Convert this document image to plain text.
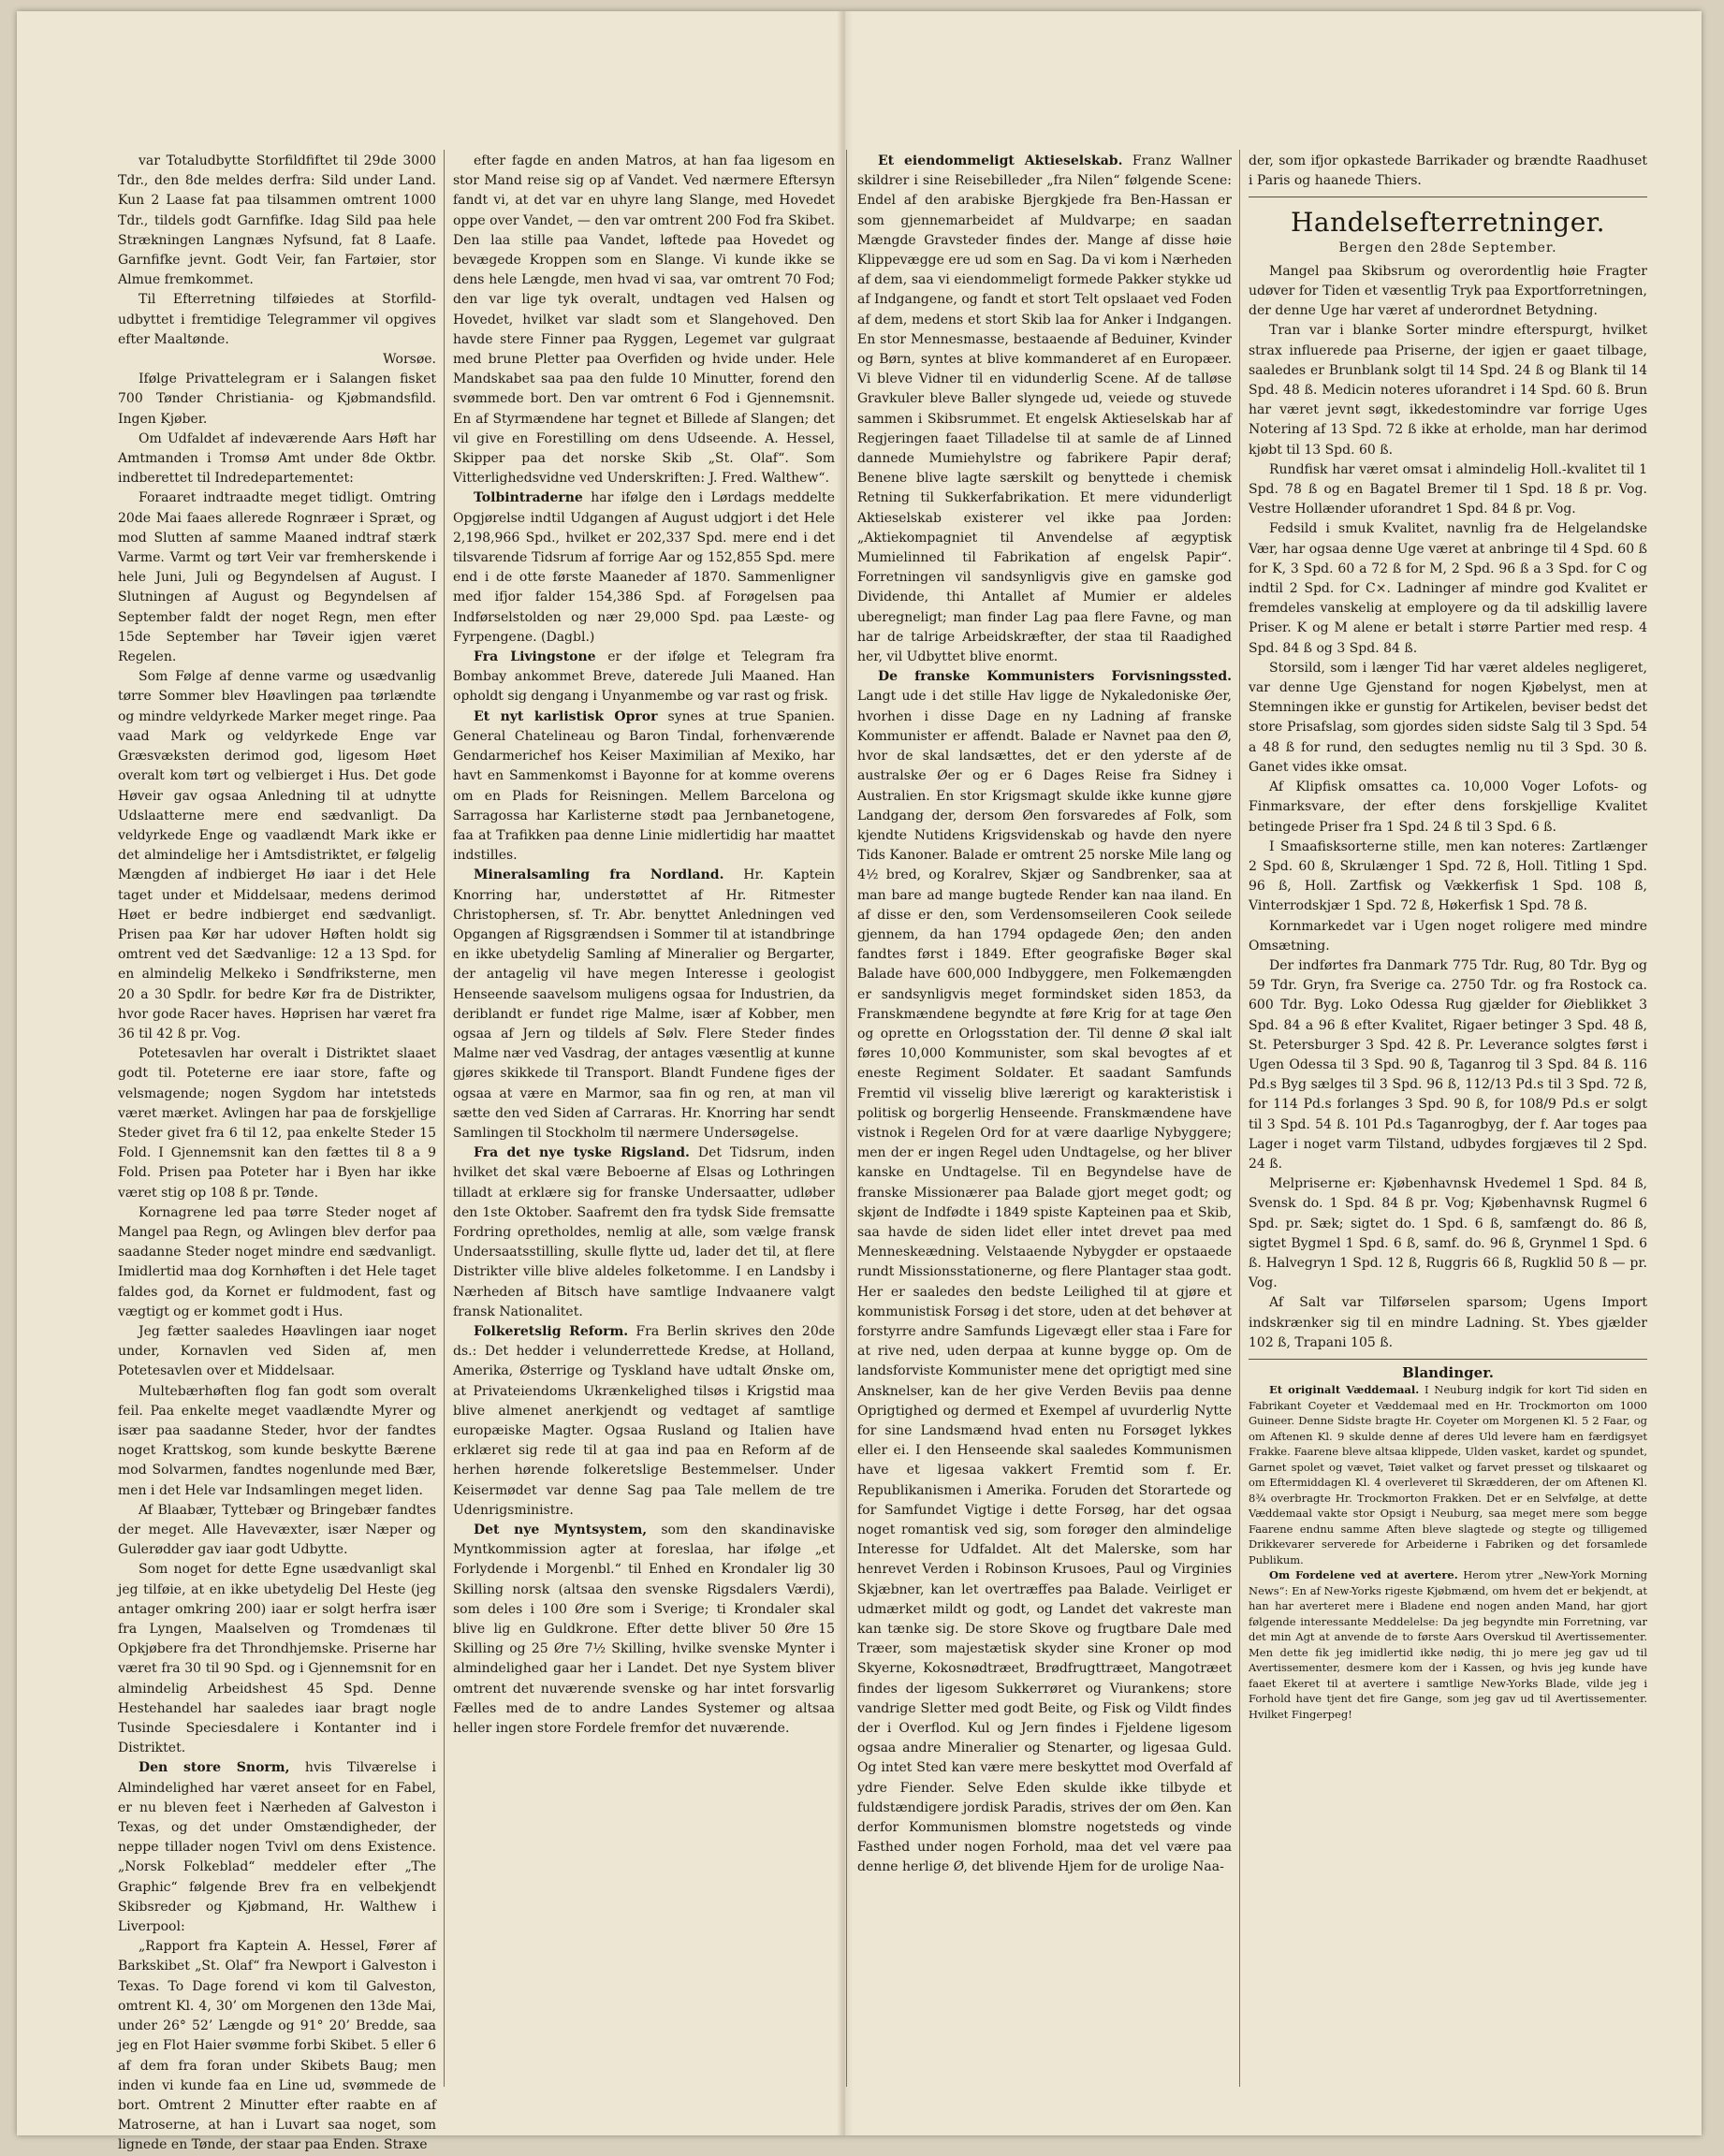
var Totaludbytte Storfildfiftet til 29de 3000 Tdr., den 8de meldes derfra: Sild under Land. Kun 2 Laase fat paa tilsammen omtrent 1000 Tdr., tildels godt Garnfifke. Idag Sild paa hele Strækningen Langnæs Nyfsund, fat 8 Laafe. Garnfifke jevnt. Godt Veir, fan Fartøier, stor Almue fremkommet.

Til Efterretning tilføiedes at Storfild-udbyttet i fremtidige Telegrammer vil opgives efter Maaltønde.

Worsøe.

Ifølge Privattelegram er i Salangen fisket 700 Tønder Christiania- og Kjøbmandsfild. Ingen Kjøber.

Om Udfaldet af indeværende Aars Høft har Amtmanden i Tromsø Amt under 8de Oktbr. indberettet til Indredepartementet:

Foraaret indtraadte meget tidligt. Omtring 20de Mai faaes allerede Rognræer i Spræt, og mod Slutten af samme Maaned indtraf stærk Varme. Varmt og tørt Veir var fremherskende i hele Juni, Juli og Begyndelsen af August. I Slutningen af August og Begyndelsen af September faldt der noget Regn, men efter 15de September har Tøveir igjen været Regelen.

Som Følge af denne varme og usædvanlig tørre Sommer blev Høavlingen paa tørlændte og mindre veldyrkede Marker meget ringe. Paa vaad Mark og veldyrkede Enge var Græsvæksten derimod god, ligesom Høet overalt kom tørt og velbierget i Hus. Det gode Høveir gav ogsaa Anledning til at udnytte Udslaatterne mere end sædvanligt. Da veldyrkede Enge og vaadlændt Mark ikke er det almindelige her i Amtsdistriktet, er følgelig Mængden af indbierget Hø iaar i det Hele taget under et Middelsaar, medens derimod Høet er bedre indbierget end sædvanligt. Prisen paa Kør har udover Høften holdt sig omtrent ved det Sædvanlige: 12 a 13 Spd. for en almindelig Melkeko i Søndfriksterne, men 20 a 30 Spdlr. for bedre Kør fra de Distrikter, hvor gode Racer haves. Høprisen har været fra 36 til 42 ß pr. Vog.

Potetesavlen har overalt i Distriktet slaaet godt til. Poteterne ere iaar store, fafte og velsmagende; nogen Sygdom har intetsteds været mærket. Avlingen har paa de forskjellige Steder givet fra 6 til 12, paa enkelte Steder 15 Fold. I Gjennemsnit kan den fættes til 8 a 9 Fold. Prisen paa Poteter har i Byen har ikke været stig op 108 ß pr. Tønde.

Kornagrene led paa tørre Steder noget af Mangel paa Regn, og Avlingen blev derfor paa saadanne Steder noget mindre end sædvanligt. Imidlertid maa dog Kornhøften i det Hele taget faldes god, da Kornet er fuldmodent, fast og vægtigt og er kommet godt i Hus.

Jeg fætter saaledes Høavlingen iaar noget under, Kornavlen ved Siden af, men Potetesavlen over et Middelsaar.

Multebærhøften flog fan godt som overalt feil. Paa enkelte meget vaadlændte Myrer og især paa saadanne Steder, hvor der fandtes noget Krattskog, som kunde beskytte Bærene mod Solvarmen, fandtes nogenlunde med Bær, men i det Hele var Indsamlingen meget liden.

Af Blaabær, Tyttebær og Bringebær fandtes der meget. Alle Havevæxter, især Næper og Gulerødder gav iaar godt Udbytte.

Som noget for dette Egne usædvanligt skal jeg tilføie, at en ikke ubetydelig Del Heste (jeg antager omkring 200) iaar er solgt herfra især fra Lyngen, Maalselven og Tromdenæs til Opkjøbere fra det Throndhjemske. Priserne har været fra 30 til 90 Spd. og i Gjennemsnit for en almindelig Arbeidshest 45 Spd. Denne Hestehandel har saaledes iaar bragt nogle Tusinde Speciesdalere i Kontanter ind i Distriktet.

Den store Snorm, hvis Tilværelse i Almindelighed har været anseet for en Fabel, er nu bleven feet i Nærheden af Galveston i Texas, og det under Omstændigheder, der neppe tillader nogen Tvivl om dens Existence. „Norsk Folkeblad“ meddeler efter „The Graphic“ følgende Brev fra en velbekjendt Skibsreder og Kjøbmand, Hr. Walthew i Liverpool:

„Rapport fra Kaptein A. Hessel, Fører af Barkskibet „St. Olaf“ fra Newport i Galveston i Texas. To Dage forend vi kom til Galveston, omtrent Kl. 4, 30’ om Morgenen den 13de Mai, under 26° 52’ Længde og 91° 20’ Bredde, saa jeg en Flot Haier svømme forbi Skibet. 5 eller 6 af dem fra foran under Skibets Baug; men inden vi kunde faa en Line ud, svømmede de bort. Omtrent 2 Minutter efter raabte en af Matroserne, at han i Luvart saa noget, som lignede en Tønde, der staar paa Enden. Straxe

efter fagde en anden Matros, at han faa ligesom en stor Mand reise sig op af Vandet. Ved nærmere Eftersyn fandt vi, at det var en uhyre lang Slange, med Hovedet oppe over Vandet, — den var omtrent 200 Fod fra Skibet. Den laa stille paa Vandet, løftede paa Hovedet og bevægede Kroppen som en Slange. Vi kunde ikke se dens hele Længde, men hvad vi saa, var omtrent 70 Fod; den var lige tyk overalt, undtagen ved Halsen og Hovedet, hvilket var sladt som et Slangehoved. Den havde stere Finner paa Ryggen, Legemet var gulgraat med brune Pletter paa Overfiden og hvide under. Hele Mandskabet saa paa den fulde 10 Minutter, forend den svømmede bort. Den var omtrent 6 Fod i Gjennemsnit. En af Styrmændene har tegnet et Billede af Slangen; det vil give en Forestilling om dens Udseende. A. Hessel, Skipper paa det norske Skib „St. Olaf“. Som Vitterlighedsvidne ved Underskriften: J. Fred. Walthew“.

Tolbintraderne har ifølge den i Lørdags meddelte Opgjørelse indtil Udgangen af August udgjort i det Hele 2,198,966 Spd., hvilket er 202,337 Spd. mere end i det tilsvarende Tidsrum af forrige Aar og 152,855 Spd. mere end i de otte første Maaneder af 1870. Sammenligner med ifjor falder 154,386 Spd. af Forøgelsen paa Indførselstolden og nær 29,000 Spd. paa Læste- og Fyrpengene. (Dagbl.)

Fra Livingstone er der ifølge et Telegram fra Bombay ankommet Breve, daterede Juli Maaned. Han opholdt sig dengang i Unyanmembe og var rast og frisk.

Et nyt karlistisk Opror synes at true Spanien. General Chatelineau og Baron Tindal, forhenværende Gendarmerichef hos Keiser Maximilian af Mexiko, har havt en Sammenkomst i Bayonne for at komme overens om en Plads for Reisningen. Mellem Barcelona og Sarragossa har Karlisterne stødt paa Jernbanetogene, faa at Trafikken paa denne Linie midlertidig har maattet indstilles.

Mineralsamling fra Nordland. Hr. Kaptein Knorring har, understøttet af Hr. Ritmester Christophersen, sf. Tr. Abr. benyttet Anledningen ved Opgangen af Rigsgrændsen i Sommer til at istandbringe en ikke ubetydelig Samling af Mineralier og Bergarter, der antagelig vil have megen Interesse i geologist Henseende saavelsom muligens ogsaa for Industrien, da deriblandt er fundet rige Malme, især af Kobber, men ogsaa af Jern og tildels af Sølv. Flere Steder findes Malme nær ved Vasdrag, der antages væsentlig at kunne gjøres skikkede til Transport. Blandt Fundene figes der ogsaa at være en Marmor, saa fin og ren, at man vil sætte den ved Siden af Carraras. Hr. Knorring har sendt Samlingen til Stockholm til nærmere Undersøgelse.

Fra det nye tyske Rigsland. Det Tidsrum, inden hvilket det skal være Beboerne af Elsas og Lothringen tilladt at erklære sig for franske Undersaatter, udløber den 1ste Oktober. Saafremt den fra tydsk Side fremsatte Fordring opretholdes, nemlig at alle, som vælge fransk Undersaatsstilling, skulle flytte ud, lader det til, at flere Distrikter ville blive aldeles folketomme. I en Landsby i Nærheden af Bitsch have samtlige Indvaanere valgt fransk Nationalitet.

Folkeretslig Reform. Fra Berlin skrives den 20de ds.: Det hedder i velunderrettede Kredse, at Holland, Amerika, Østerrige og Tyskland have udtalt Ønske om, at Privateiendoms Ukrænkelighed tilsøs i Krigstid maa blive almenet anerkjendt og vedtaget af samtlige europæiske Magter. Ogsaa Rusland og Italien have erklæret sig rede til at gaa ind paa en Reform af de herhen hørende folkeretslige Bestemmelser. Under Keisermødet var denne Sag paa Tale mellem de tre Udenrigsministre.

Det nye Myntsystem, som den skandinaviske Myntkommission agter at foreslaa, har ifølge „et Forlydende i Morgenbl.“ til Enhed en Krondaler lig 30 Skilling norsk (altsaa den svenske Rigsdalers Værdi), som deles i 100 Øre som i Sverige; ti Krondaler skal blive lig en Guldkrone. Efter dette bliver 50 Øre 15 Skilling og 25 Øre 7½ Skilling, hvilke svenske Mynter i almindelighed gaar her i Landet. Det nye System bliver omtrent det nuværende svenske og har intet forsvarlig Fælles med de to andre Landes Systemer og altsaa heller ingen store Fordele fremfor det nuværende.

Et eiendommeligt Aktieselskab. Franz Wallner skildrer i sine Reisebilleder „fra Nilen“ følgende Scene: Endel af den arabiske Bjergkjede fra Ben-Hassan er som gjennemarbeidet af Muldvarpe; en saadan Mængde Gravsteder findes der. Mange af disse høie Klippevægge ere ud som en Sag. Da vi kom i Nærheden af dem, saa vi eiendommeligt formede Pakker stykke ud af Indgangene, og fandt et stort Telt opslaaet ved Foden af dem, medens et stort Skib laa for Anker i Indgangen. En stor Mennesmasse, bestaaende af Beduiner, Kvinder og Børn, syntes at blive kommanderet af en Europæer. Vi bleve Vidner til en vidunderlig Scene. Af de talløse Gravkuler bleve Baller slyngede ud, veiede og stuvede sammen i Skibsrummet. Et engelsk Aktieselskab har af Regjeringen faaet Tilladelse til at samle de af Linned dannede Mumiehylstre og fabrikere Papir deraf; Benene blive lagte særskilt og benyttede i chemisk Retning til Sukkerfabrikation. Et mere vidunderligt Aktieselskab existerer vel ikke paa Jorden: „Aktiekompagniet til Anvendelse af ægyptisk Mumielinned til Fabrikation af engelsk Papir“. Forretningen vil sandsynligvis give en gamske god Dividende, thi Antallet af Mumier er aldeles uberegneligt; man finder Lag paa flere Favne, og man har de talrige Arbeidskræfter, der staa til Raadighed her, vil Udbyttet blive enormt.

De franske Kommunisters Forvisningssted. Langt ude i det stille Hav ligge de Nykaledoniske Øer, hvorhen i disse Dage en ny Ladning af franske Kommunister er affendt. Balade er Navnet paa den Ø, hvor de skal landsættes, det er den yderste af de australske Øer og er 6 Dages Reise fra Sidney i Australien. En stor Krigsmagt skulde ikke kunne gjøre Landgang der, dersom Øen forsvaredes af Folk, som kjendte Nutidens Krigsvidenskab og havde den nyere Tids Kanoner. Balade er omtrent 25 norske Mile lang og 4½ bred, og Koralrev, Skjær og Sandbrenker, saa at man bare ad mange bugtede Render kan naa iland. En af disse er den, som Verdensomseileren Cook seilede gjennem, da han 1794 opdagede Øen; den anden fandtes først i 1849. Efter geografiske Bøger skal Balade have 600,000 Indbyggere, men Folkemængden er sandsynligvis meget formindsket siden 1853, da Franskmændene begyndte at føre Krig for at tage Øen og oprette en Orlogsstation der. Til denne Ø skal ialt føres 10,000 Kommunister, som skal bevogtes af et eneste Regiment Soldater. Et saadant Samfunds Fremtid vil visselig blive lærerigt og karakteristisk i politisk og borgerlig Henseende. Franskmændene have vistnok i Regelen Ord for at være daarlige Nybyggere; men der er ingen Regel uden Undtagelse, og her bliver kanske en Undtagelse. Til en Begyndelse have de franske Missionærer paa Balade gjort meget godt; og skjønt de Indfødte i 1849 spiste Kapteinen paa et Skib, saa havde de siden lidet eller intet drevet paa med Menneskeædning. Velstaaende Nybygder er opstaaede rundt Missionsstationerne, og flere Plantager staa godt. Her er saaledes den bedste Leilighed til at gjøre et kommunistisk Forsøg i det store, uden at det behøver at forstyrre andre Samfunds Ligevægt eller staa i Fare for at rive ned, uden derpaa at kunne bygge op. Om de landsforviste Kommunister mene det oprigtigt med sine Ansknelser, kan de her give Verden Beviis paa denne Oprigtighed og dermed et Exempel af uvurderlig Nytte for sine Landsmænd hvad enten nu Forsøget lykkes eller ei. I den Henseende skal saaledes Kommunismen have et ligesaa vakkert Fremtid som f. Er. Republikanismen i Amerika. Foruden det Storartede og for Samfundet Vigtige i dette Forsøg, har det ogsaa noget romantisk ved sig, som forøger den almindelige Interesse for Udfaldet. Alt det Malerske, som har henrevet Verden i Robinson Krusoes, Paul og Virginies Skjæbner, kan let overtræffes paa Balade. Veirliget er udmærket mildt og godt, og Landet det vakreste man kan tænke sig. De store Skove og frugtbare Dale med Træer, som majestætisk skyder sine Kroner op mod Skyerne, Kokosnødtræet, Brødfrugttræet, Mangotræet findes der ligesom Sukkerrøret og Viurankens; store vandrige Sletter med godt Beite, og Fisk og Vildt findes der i Overflod. Kul og Jern findes i Fjeldene ligesom ogsaa andre Mineralier og Stenarter, og ligesaa Guld. Og intet Sted kan være mere beskyttet mod Overfald af ydre Fiender. Selve Eden skulde ikke tilbyde et fuldstændigere jordisk Paradis, strives der om Øen. Kan derfor Kommunismen blomstre nogetsteds og vinde Fasthed under nogen Forhold, maa det vel være paa denne herlige Ø, det blivende Hjem for de urolige Naa-

der, som ifjor opkastede Barrikader og brændte Raadhuset i Paris og haanede Thiers.

Handelsefterretninger.
Bergen den 28de September.

Mangel paa Skibsrum og overordentlig høie Fragter udøver for Tiden et væsentlig Tryk paa Exportforretningen, der denne Uge har været af underordnet Betydning.

Tran var i blanke Sorter mindre efterspurgt, hvilket strax influerede paa Priserne, der igjen er gaaet tilbage, saaledes er Brunblank solgt til 14 Spd. 24 ß og Blank til 14 Spd. 48 ß. Medicin noteres uforandret i 14 Spd. 60 ß. Brun har været jevnt søgt, ikkedestomindre var forrige Uges Notering af 13 Spd. 72 ß ikke at erholde, man har derimod kjøbt til 13 Spd. 60 ß.

Rundfisk har været omsat i almindelig Holl.-kvalitet til 1 Spd. 78 ß og en Bagatel Bremer til 1 Spd. 18 ß pr. Vog. Vestre Hollænder uforandret 1 Spd. 84 ß pr. Vog.

Fedsild i smuk Kvalitet, navnlig fra de Helgelandske Vær, har ogsaa denne Uge været at anbringe til 4 Spd. 60 ß for K, 3 Spd. 60 a 72 ß for M, 2 Spd. 96 ß a 3 Spd. for C og indtil 2 Spd. for C×. Ladninger af mindre god Kvalitet er fremdeles vanskelig at employere og da til adskillig lavere Priser. K og M alene er betalt i større Partier med resp. 4 Spd. 84 ß og 3 Spd. 84 ß.

Storsild, som i længer Tid har været aldeles negligeret, var denne Uge Gjenstand for nogen Kjøbelyst, men at Stemningen ikke er gunstig for Artikelen, beviser bedst det store Prisafslag, som gjordes siden sidste Salg til 3 Spd. 54 a 48 ß for rund, den sedugtes nemlig nu til 3 Spd. 30 ß. Ganet vides ikke omsat.

Af Klipfisk omsattes ca. 10,000 Voger Lofots- og Finmarksvare, der efter dens forskjellige Kvalitet betingede Priser fra 1 Spd. 24 ß til 3 Spd. 6 ß.

I Smaafisksorterne stille, men kan noteres: Zartlænger 2 Spd. 60 ß, Skrulænger 1 Spd. 72 ß, Holl. Titling 1 Spd. 96 ß, Holl. Zartfisk og Vækkerfisk 1 Spd. 108 ß, Vinterrodskjær 1 Spd. 72 ß, Høkerfisk 1 Spd. 78 ß.

Kornmarkedet var i Ugen noget roligere med mindre Omsætning.

Der indførtes fra Danmark 775 Tdr. Rug, 80 Tdr. Byg og 59 Tdr. Gryn, fra Sverige ca. 2750 Tdr. og fra Rostock ca. 600 Tdr. Byg. Loko Odessa Rug gjælder for Øieblikket 3 Spd. 84 a 96 ß efter Kvalitet, Rigaer betinger 3 Spd. 48 ß, St. Petersburger 3 Spd. 42 ß. Pr. Leverance solgtes først i Ugen Odessa til 3 Spd. 90 ß, Taganrog til 3 Spd. 84 ß. 116 Pd.s Byg sælges til 3 Spd. 96 ß, 112/13 Pd.s til 3 Spd. 72 ß, for 114 Pd.s forlanges 3 Spd. 90 ß, for 108/9 Pd.s er solgt til 3 Spd. 54 ß. 101 Pd.s Taganrogbyg, der f. Aar toges paa Lager i noget varm Tilstand, udbydes forgjæves til 2 Spd. 24 ß.

Melpriserne er: Kjøbenhavnsk Hvedemel 1 Spd. 84 ß, Svensk do. 1 Spd. 84 ß pr. Vog; Kjøbenhavnsk Rugmel 6 Spd. pr. Sæk; sigtet do. 1 Spd. 6 ß, samfængt do. 86 ß, sigtet Bygmel 1 Spd. 6 ß, samf. do. 96 ß, Grynmel 1 Spd. 6 ß. Halvegryn 1 Spd. 12 ß, Ruggris 66 ß, Rugklid 50 ß — pr. Vog.

Af Salt var Tilførselen sparsom; Ugens Import indskrænker sig til en mindre Ladning. St. Ybes gjælder 102 ß, Trapani 105 ß.

Blandinger.

Et originalt Væddemaal. I Neuburg indgik for kort Tid siden en Fabrikant Coyeter et Væddemaal med en Hr. Trockmorton om 1000 Guineer. Denne Sidste bragte Hr. Coyeter om Morgenen Kl. 5 2 Faar, og om Aftenen Kl. 9 skulde denne af deres Uld levere ham en færdigsyet Frakke. Faarene bleve altsaa klippede, Ulden vasket, kardet og spundet, Garnet spolet og vævet, Tøiet valket og farvet presset og tilskaaret og om Eftermiddagen Kl. 4 overleveret til Skrædderen, der om Aftenen Kl. 8¾ overbragte Hr. Trockmorton Frakken. Det er en Selvfølge, at dette Væddemaal vakte stor Opsigt i Neuburg, saa meget mere som begge Faarene endnu samme Aften bleve slagtede og stegte og tilligemed Drikkevarer serverede for Arbeiderne i Fabriken og det forsamlede Publikum.

Om Fordelene ved at avertere. Herom ytrer „New-York Morning News“: En af New-Yorks rigeste Kjøbmænd, om hvem det er bekjendt, at han har averteret mere i Bladene end nogen anden Mand, har gjort følgende interessante Meddelelse: Da jeg begyndte min Forretning, var det min Agt at anvende de to første Aars Overskud til Avertissementer. Men dette fik jeg imidlertid ikke nødig, thi jo mere jeg gav ud til Avertissementer, desmere kom der i Kassen, og hvis jeg kunde have faaet Ekeret til at avertere i samtlige New-Yorks Blade, vilde jeg i Forhold have tjent det fire Gange, som jeg gav ud til Avertissementer. Hvilket Fingerpeg!
